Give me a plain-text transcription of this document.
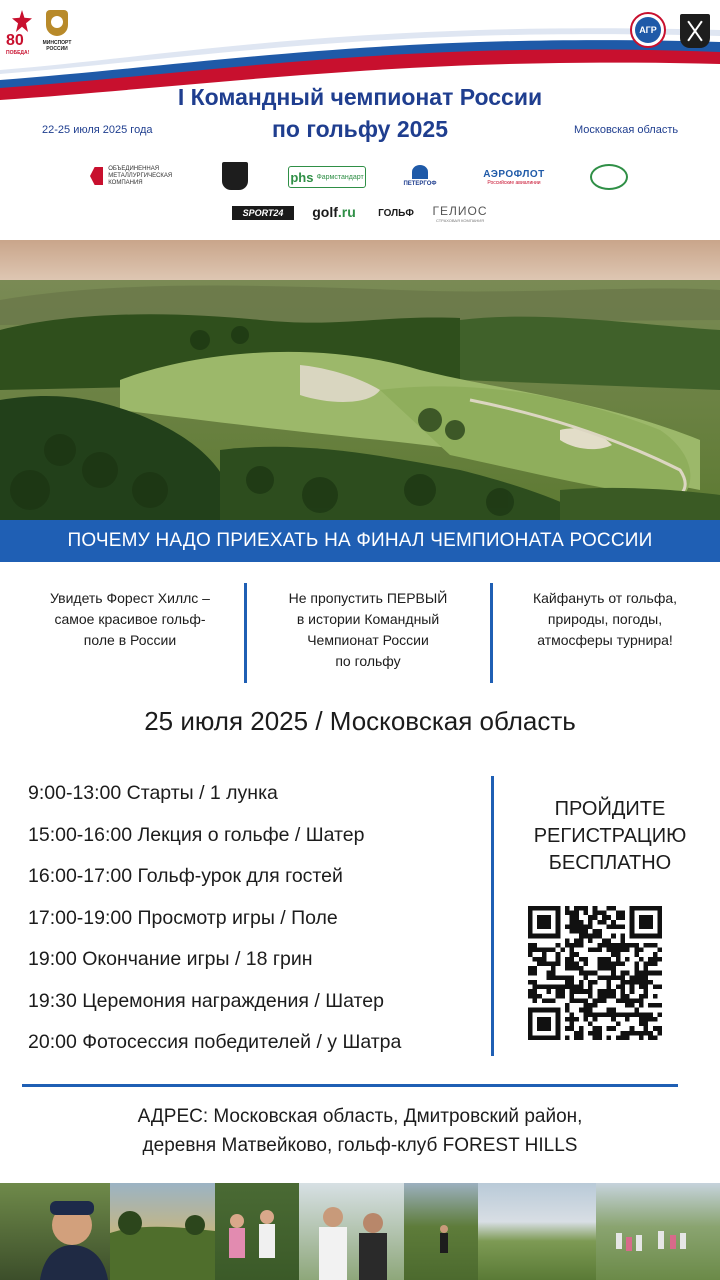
80
ПОБЕДА!
МИНСПОРТ РОССИИ
АГР
I Командный чемпионат России
по гольфу 2025
22-25 июля 2025 года	Московская область
ОБЪЕДИНЕННАЯ МЕТАЛЛУРГИЧЕСКАЯ КОМПАНИЯ	phs Фармстандарт
ПЕТЕРГОФ
АЭРОФЛОТ
Российские авиалинии
SPORT24	golf .ru	ГОЛЬФ	ГЕЛИОС
СТРАХОВАЯ КОМПАНИЯ
ПОЧЕМУ НАДО ПРИЕХАТЬ НА ФИНАЛ ЧЕМПИОНАТА РОССИИ
Увидеть Форест Хиллс –
самое красивое гольф-
поле в России
Не пропустить ПЕРВЫЙ
в истории Командный
Чемпионат России
по гольфу
Кайфануть от гольфа,
природы, погоды,
атмосферы турнира!
25 июля 2025 / Московская область
9:00-13:00 Старты / 1 лунка
15:00-16:00 Лекция о гольфе / Шатер
16:00-17:00 Гольф-урок для гостей
17:00-19:00 Просмотр игры / Поле
19:00 Окончание игры / 18 грин
19:30 Церемония награждения / Шатер
20:00 Фотосессия победителей / у Шатра
ПРОЙДИТЕ
РЕГИСТРАЦИЮ
БЕСПЛАТНО
АДРЕС: Московская область, Дмитровский район,
деревня Матвейково, гольф-клуб FOREST HILLS
